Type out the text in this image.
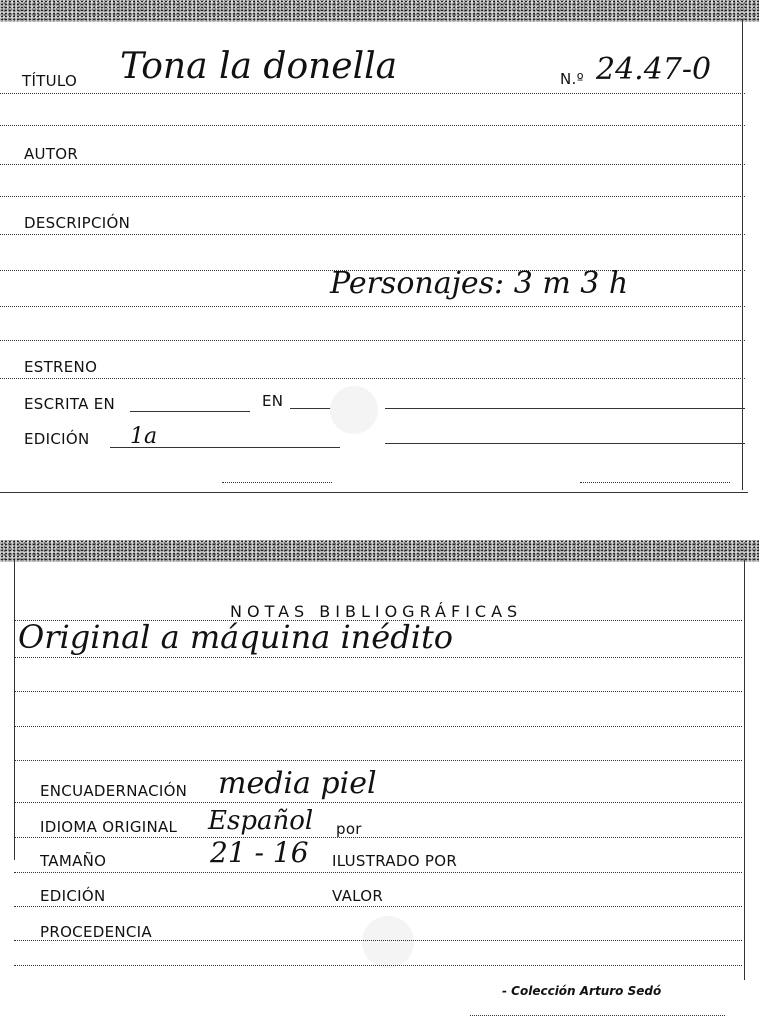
TÍTULO Tona la donella	N.º 24.47-0
AUTOR
DESCRIPCIÓN
Personajes: 3 m 3 h
ESTRENO
ESCRITA EN	EN
EDICIÓN 1a
NOTAS BIBLIOGRÁFICAS
Original a máquina inédito
ENCUADERNACIÓN media piel
IDIOMA ORIGINAL Español por
TAMAÑO	21 - 16 ILUSTRADO POR
EDICIÓN	VALOR
PROCEDENCIA
- Colección Arturo Sedó
